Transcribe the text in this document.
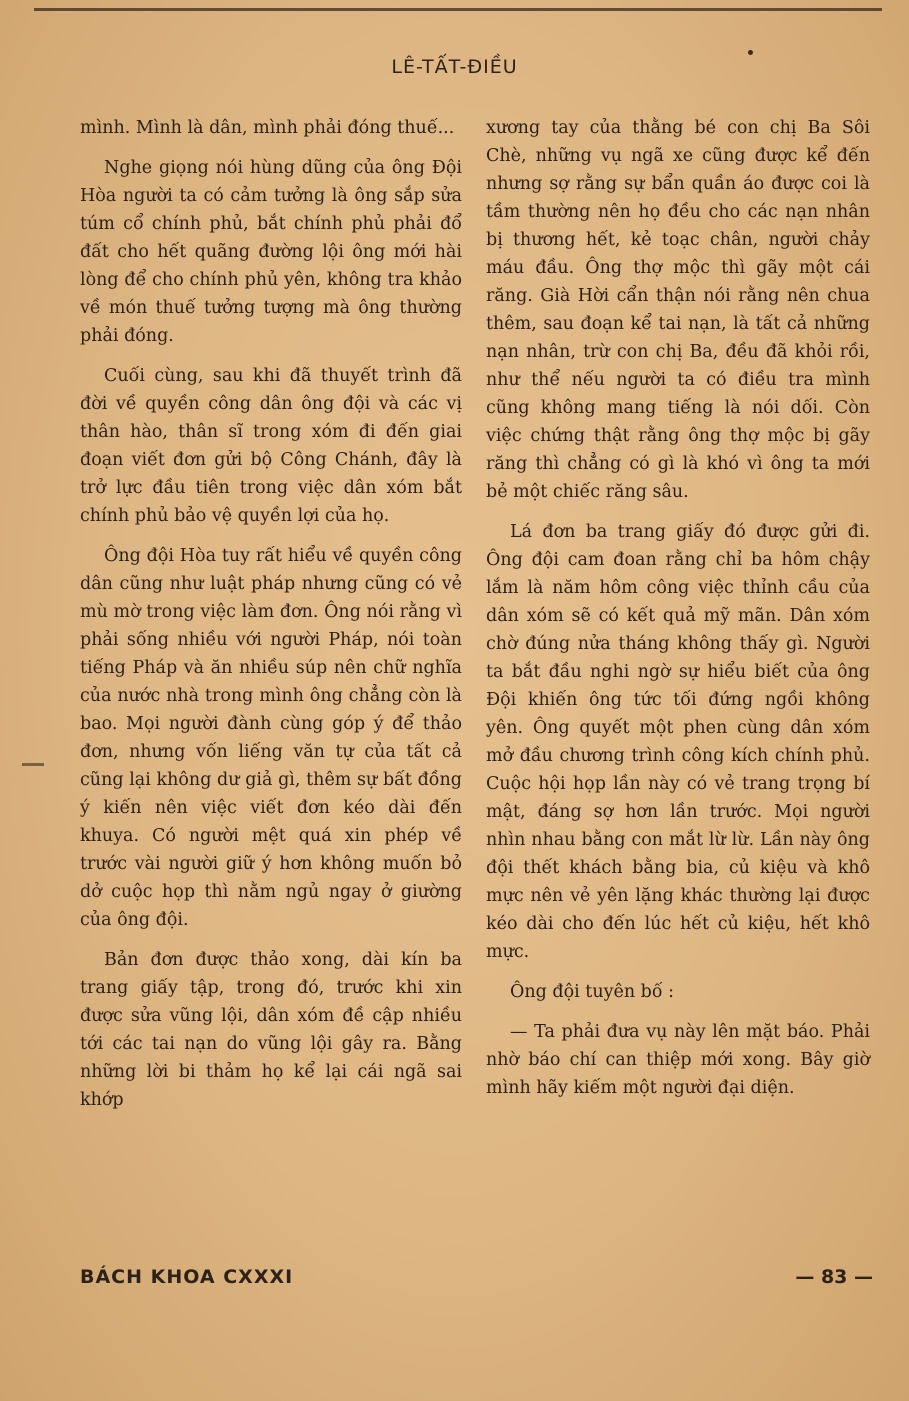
LÊ-TẤT-ĐIỀU

mình. Mình là dân, mình phải đóng thuế...

Nghe giọng nói hùng dũng của ông Đội Hòa người ta có cảm tưởng là ông sắp sửa túm cổ chính phủ, bắt chính phủ phải đổ đất cho hết quãng đường lội ông mới hài lòng để cho chính phủ yên, không tra khảo về món thuế tưởng tượng mà ông thường phải đóng.

Cuối cùng, sau khi đã thuyết trình đã đời về quyền công dân ông đội và các vị thân hào, thân sĩ trong xóm đi đến giai đoạn viết đơn gửi bộ Công Chánh, đây là trở lực đầu tiên trong việc dân xóm bắt chính phủ bảo vệ quyền lợi của họ.

Ông đội Hòa tuy rất hiểu về quyền công dân cũng như luật pháp nhưng cũng có vẻ mù mờ trong việc làm đơn. Ông nói rằng vì phải sống nhiều với người Pháp, nói toàn tiếng Pháp và ăn nhiều súp nên chữ nghĩa của nước nhà trong mình ông chẳng còn là bao. Mọi người đành cùng góp ý để thảo đơn, nhưng vốn liếng văn tự của tất cả cũng lại không dư giả gì, thêm sự bất đồng ý kiến nên việc viết đơn kéo dài đến khuya. Có người mệt quá xin phép về trước vài người giữ ý hơn không muốn bỏ dở cuộc họp thì nằm ngủ ngay ở giường của ông đội.

Bản đơn được thảo xong, dài kín ba trang giấy tập, trong đó, trước khi xin được sửa vũng lội, dân xóm đề cập nhiều tới các tai nạn do vũng lội gây ra. Bằng những lời bi thảm họ kể lại cái ngã sai khớp

xương tay của thằng bé con chị Ba Sôi Chè, những vụ ngã xe cũng được kể đến nhưng sợ rằng sự bẩn quần áo được coi là tầm thường nên họ đều cho các nạn nhân bị thương hết, kẻ toạc chân, người chảy máu đầu. Ông thợ mộc thì gãy một cái răng. Già Hời cẩn thận nói rằng nên chua thêm, sau đoạn kể tai nạn, là tất cả những nạn nhân, trừ con chị Ba, đều đã khỏi rồi, như thể nếu người ta có điều tra mình cũng không mang tiếng là nói dối. Còn việc chứng thật rằng ông thợ mộc bị gãy răng thì chẳng có gì là khó vì ông ta mới bẻ một chiếc răng sâu.

Lá đơn ba trang giấy đó được gửi đi. Ông đội cam đoan rằng chỉ ba hôm chậy lắm là năm hôm công việc thỉnh cầu của dân xóm sẽ có kết quả mỹ mãn. Dân xóm chờ đúng nửa tháng không thấy gì. Người ta bắt đầu nghi ngờ sự hiểu biết của ông Đội khiến ông tức tối đứng ngồi không yên. Ông quyết một phen cùng dân xóm mở đầu chương trình công kích chính phủ. Cuộc hội họp lần này có vẻ trang trọng bí mật, đáng sợ hơn lần trước. Mọi người nhìn nhau bằng con mắt lừ lừ. Lần này ông đội thết khách bằng bia, củ kiệu và khô mực nên vẻ yên lặng khác thường lại được kéo dài cho đến lúc hết củ kiệu, hết khô mực.

Ông đội tuyên bố :

— Ta phải đưa vụ này lên mặt báo. Phải nhờ báo chí can thiệp mới xong. Bây giờ mình hãy kiếm một người đại diện.

BÁCH KHOA CXXXI	— 83 —
